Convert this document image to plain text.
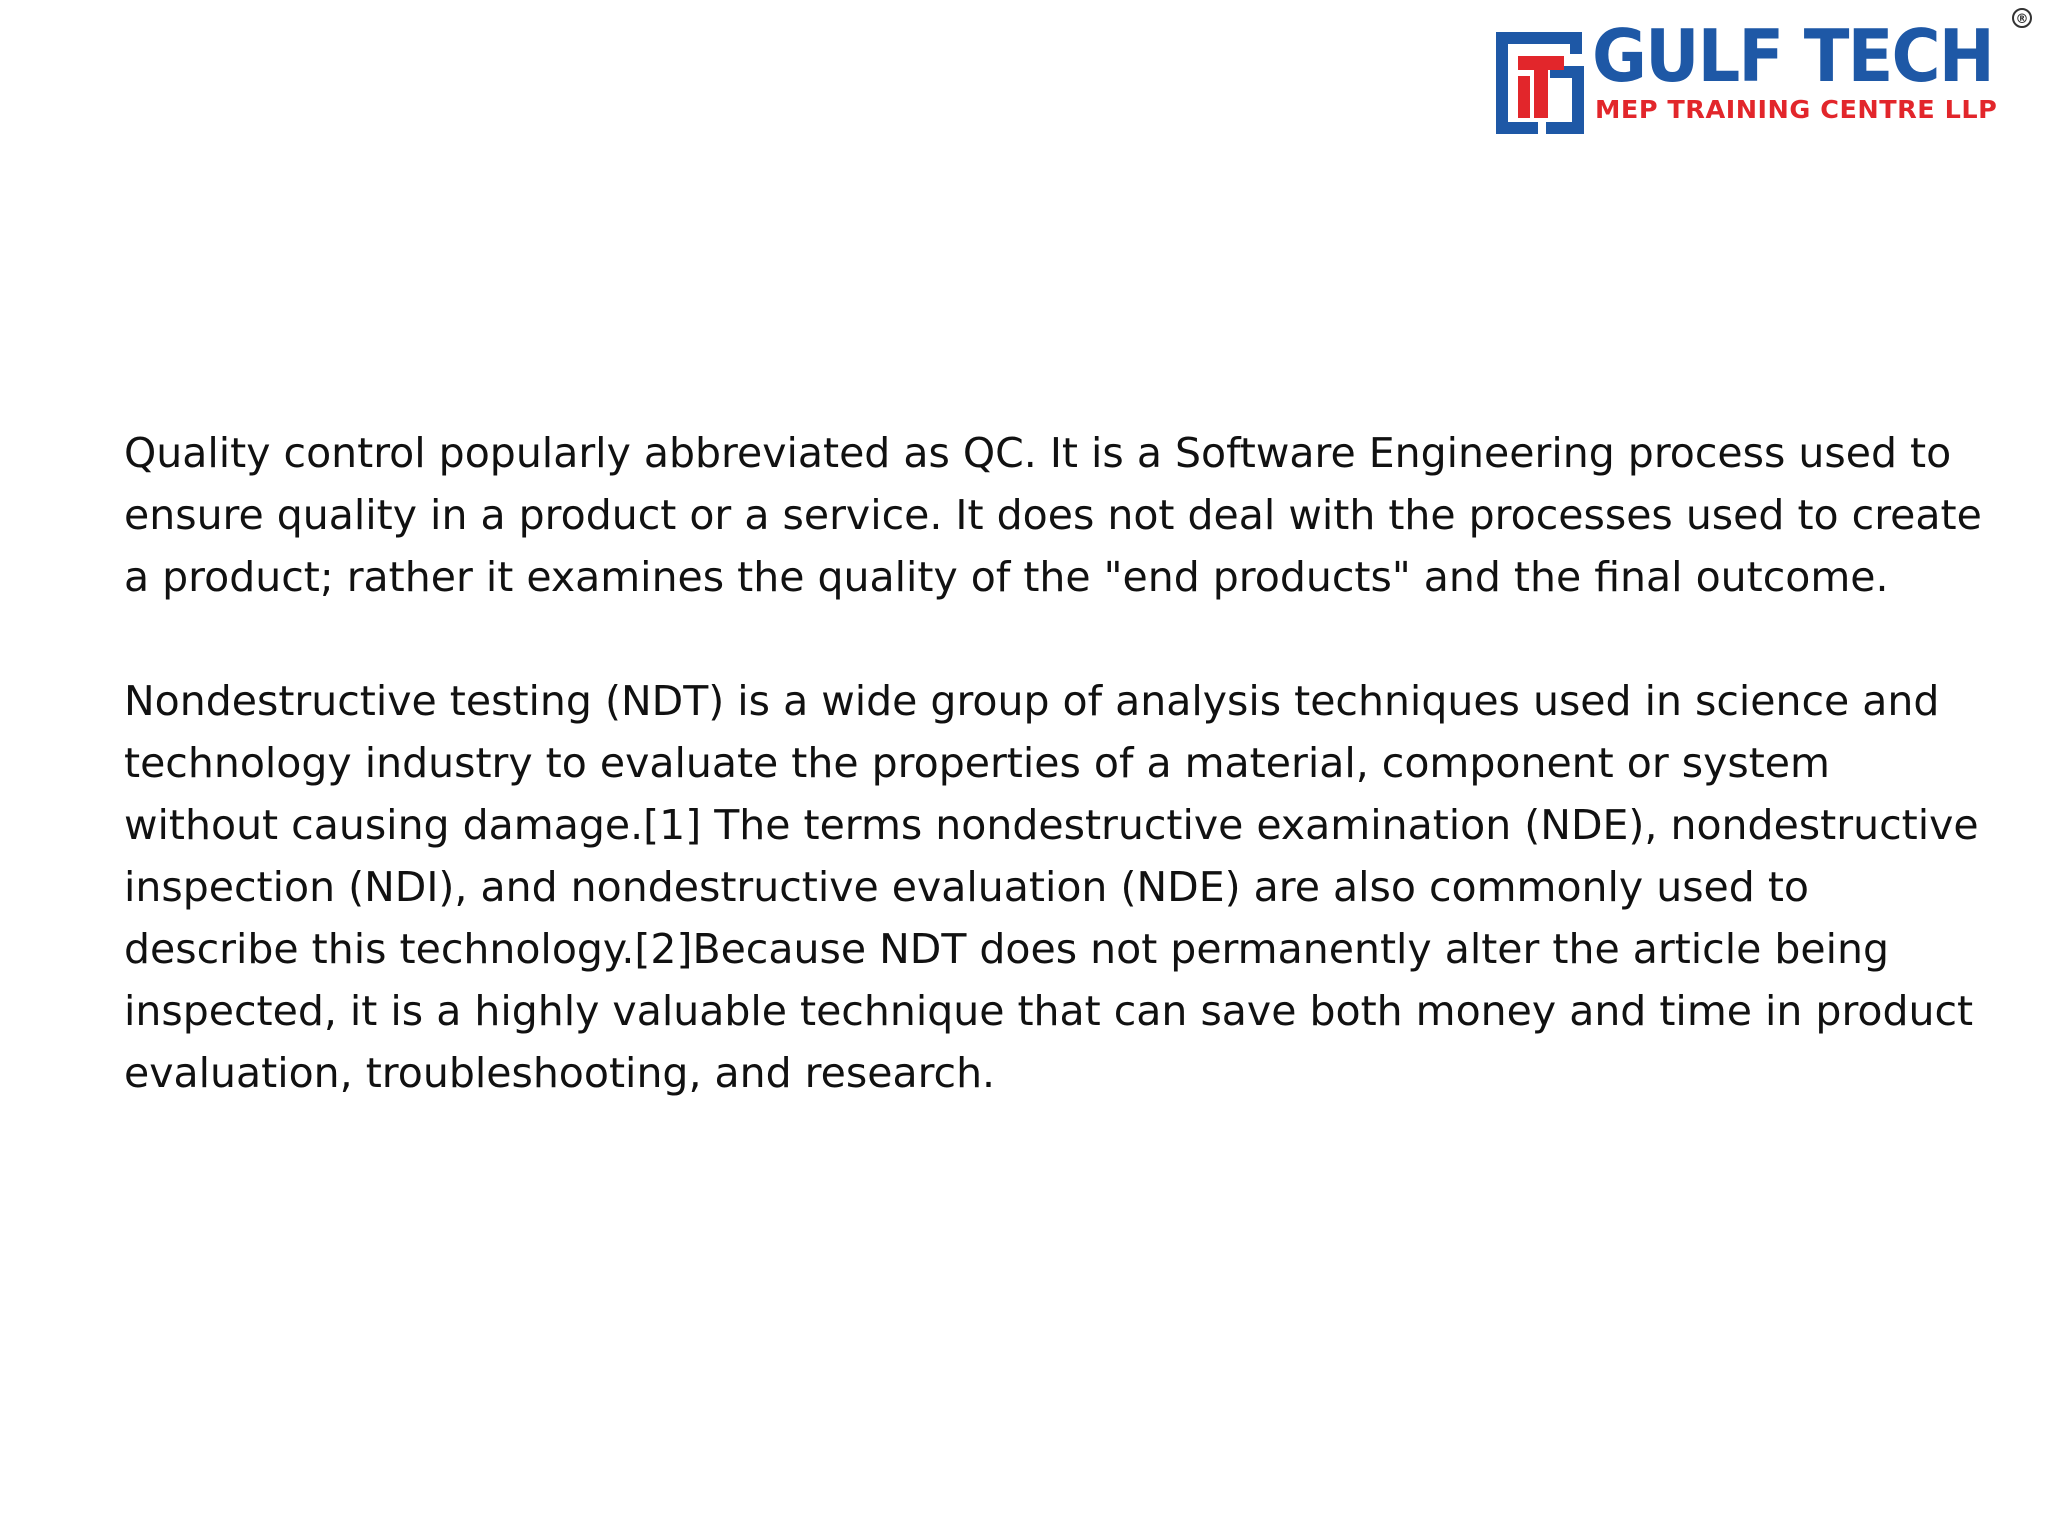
GULF TECH
MEP TRAINING CENTRE LLP
®

Quality control popularly abbreviated as QC. It is a Software Engineering process used to ensure quality in a product or a service. It does not deal with the processes used to create a product; rather it examines the quality of the "end products" and the final outcome.

Nondestructive testing (NDT) is a wide group of analysis techniques used in science and technology industry to evaluate the properties of a material, component or system without causing damage.[1] The terms nondestructive examination (NDE), nondestructive inspection (NDI), and nondestructive evaluation (NDE) are also commonly used to describe this technology.[2]Because NDT does not permanently alter the article being inspected, it is a highly valuable technique that can save both money and time in product evaluation, troubleshooting, and research.
